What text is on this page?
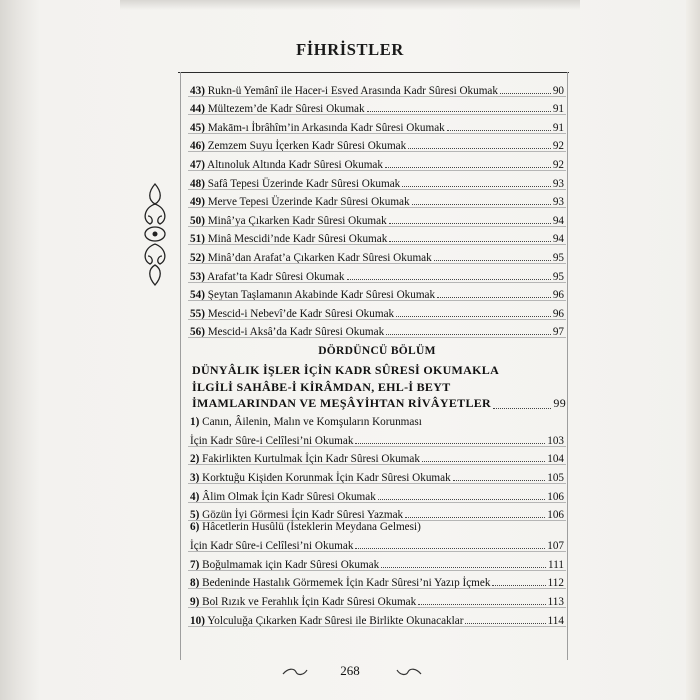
FİHRİSTLER
43) Rukn-ü Yemânî ile Hacer-i Esved Arasında Kadr Sûresi Okumak	90
44) Mültezem’de Kadr Sûresi Okumak	91
45) Makām-ı İbrâhîm’in Arkasında Kadr Sûresi Okumak	91
46) Zemzem Suyu İçerken Kadr Sûresi Okumak	92
47) Altınoluk Altında Kadr Sûresi Okumak	92
48) Safâ Tepesi Üzerinde Kadr Sûresi Okumak	93
49) Merve Tepesi Üzerinde Kadr Sûresi Okumak	93
50) Minâ’ya Çıkarken Kadr Sûresi Okumak	94
51) Minâ Mescidi’nde Kadr Sûresi Okumak	94
52) Minâ’dan Arafat’a Çıkarken Kadr Sûresi Okumak	95
53) Arafat’ta Kadr Sûresi Okumak	95
54) Şeytan Taşlamanın Akabinde Kadr Sûresi Okumak	96
55) Mescid-i Nebevî’de Kadr Sûresi Okumak	96
56) Mescid-i Aksâ’da Kadr Sûresi Okumak	97
DÖRDÜNCÜ BÖLÜM
DÜNYÂLIK İŞLER İÇİN KADR SÛRESİ OKUMAKLA
İLGİLİ SAHÂBE-İ KİRÂMDAN, EHL-İ BEYT
İMAMLARINDAN VE MEŞÂYİHTAN RİVÂYETLER	99
1) Canın, Âilenin, Malın ve Komşuların Korunması
İçin Kadr Sûre-i Celîlesi’ni Okumak	103
2) Fakirlikten Kurtulmak İçin Kadr Sûresi Okumak	104
3) Korktuğu Kişiden Korunmak İçin Kadr Sûresi Okumak	105
4) Âlim Olmak İçin Kadr Sûresi Okumak	106
5) Gözün İyi Görmesi İçin Kadr Sûresi Yazmak	106
6) Hâcetlerin Husûlü (İsteklerin Meydana Gelmesi)
İçin Kadr Sûre-i Celîlesi’ni Okumak	107
7) Boğulmamak için Kadr Sûresi Okumak	111
8) Bedeninde Hastalık Görmemek İçin Kadr Sûresi’ni Yazıp İçmek	112
9) Bol Rızık ve Ferahlık İçin Kadr Sûresi Okumak	113
10) Yolculuğa Çıkarken Kadr Sûresi ile Birlikte Okunacaklar	114
268
